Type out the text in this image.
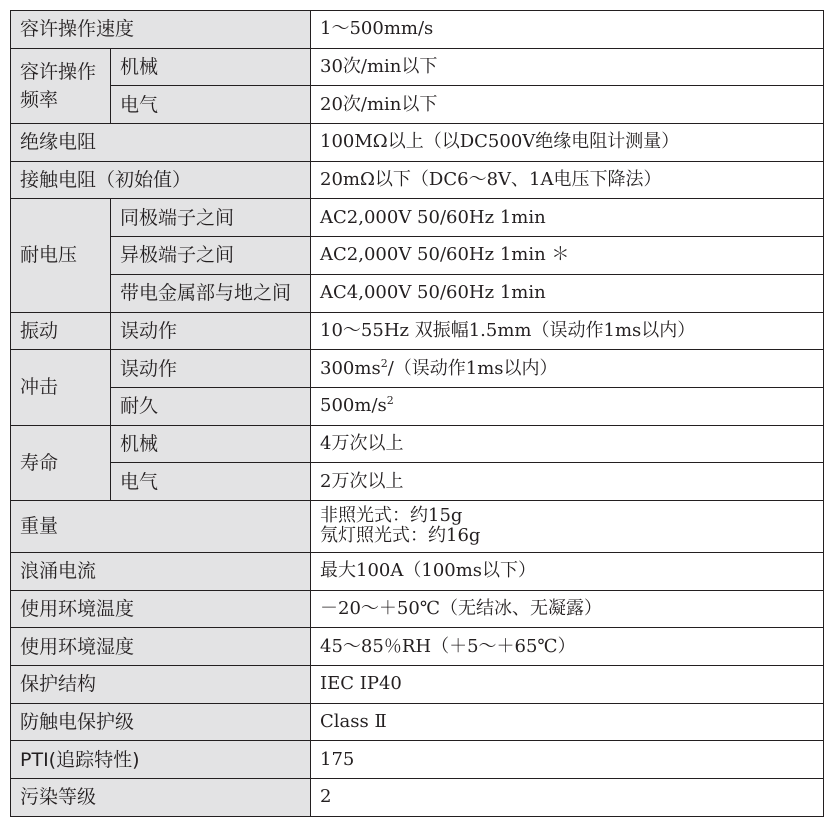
容许操作速度		1～500mm/s
容许操作频率	机械	30次/min以下
	电气	20次/min以下
绝缘电阻		100MΩ以上（以DC500V绝缘电阻计测量）
接触电阻（初始值）		20mΩ以下（DC6～8V、1A电压下降法）
耐电压	同极端子之间	AC2,000V 50/60Hz 1min
	异极端子之间	AC2,000V 50/60Hz 1min ＊
	带电金属部与地之间	AC4,000V 50/60Hz 1min
振动	误动作	10～55Hz 双振幅1.5mm（误动作1ms以内）
冲击	误动作	$300ms^2/$（误动作1ms以内）
	耐久	$500m/s^2$
寿命	机械	4万次以上
	电气	2万次以上
重量		非照光式：约15g
氖灯照光式：约16g

浪涌电流		最大100A（100ms以下）
使用环境温度		－20～＋50℃（无结冰、无凝露）
使用环境湿度		45～85％RH（＋5～＋65℃）
保护结构		IEC IP40
防触电保护级		Class Ⅱ
PTI(追踪特性)		175
污染等级		2
